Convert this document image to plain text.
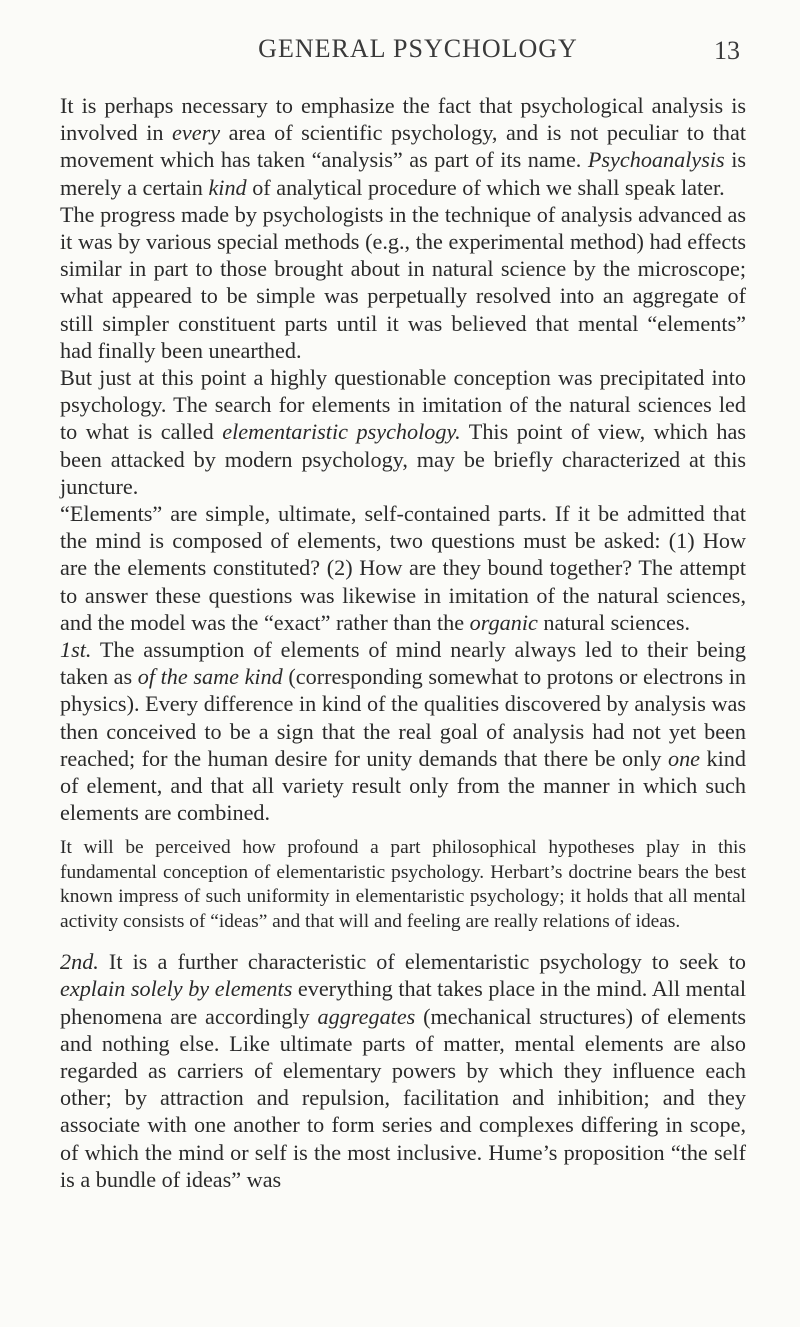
GENERAL PSYCHOLOGY	13

It is perhaps necessary to emphasize the fact that psychological analysis is involved in every area of scientific psychology, and is not peculiar to that movement which has taken “analysis” as part of its name. Psychoanalysis is merely a certain kind of analytical procedure of which we shall speak later.

The progress made by psychologists in the technique of analysis advanced as it was by various special methods (e.g., the experimental method) had effects similar in part to those brought about in natural science by the microscope; what appeared to be simple was perpetually resolved into an aggregate of still simpler constituent parts until it was believed that mental “elements” had finally been unearthed.

But just at this point a highly questionable conception was precipitated into psychology. The search for elements in imitation of the natural sciences led to what is called elementaristic psychology. This point of view, which has been attacked by modern psychology, may be briefly characterized at this juncture.

“Elements” are simple, ultimate, self-contained parts. If it be admitted that the mind is composed of elements, two questions must be asked: (1) How are the elements constituted? (2) How are they bound together? The attempt to answer these questions was likewise in imitation of the natural sciences, and the model was the “exact” rather than the organic natural sciences.

1st. The assumption of elements of mind nearly always led to their being taken as of the same kind (corresponding somewhat to protons or electrons in physics). Every difference in kind of the qualities discovered by analysis was then conceived to be a sign that the real goal of analysis had not yet been reached; for the human desire for unity demands that there be only one kind of element, and that all variety result only from the manner in which such elements are combined.

It will be perceived how profound a part philosophical hypotheses play in this fundamental conception of elementaristic psychology. Herbart’s doctrine bears the best known impress of such uniformity in elementaristic psychology; it holds that all mental activity consists of “ideas” and that will and feeling are really relations of ideas.

2nd. It is a further characteristic of elementaristic psychology to seek to explain solely by elements everything that takes place in the mind. All mental phenomena are accordingly aggregates (mechanical structures) of elements and nothing else. Like ultimate parts of matter, mental elements are also regarded as carriers of elementary powers by which they influence each other; by attraction and repulsion, facilitation and inhibition; and they associate with one another to form series and complexes differing in scope, of which the mind or self is the most inclusive. Hume’s proposition “the self is a bundle of ideas” was
